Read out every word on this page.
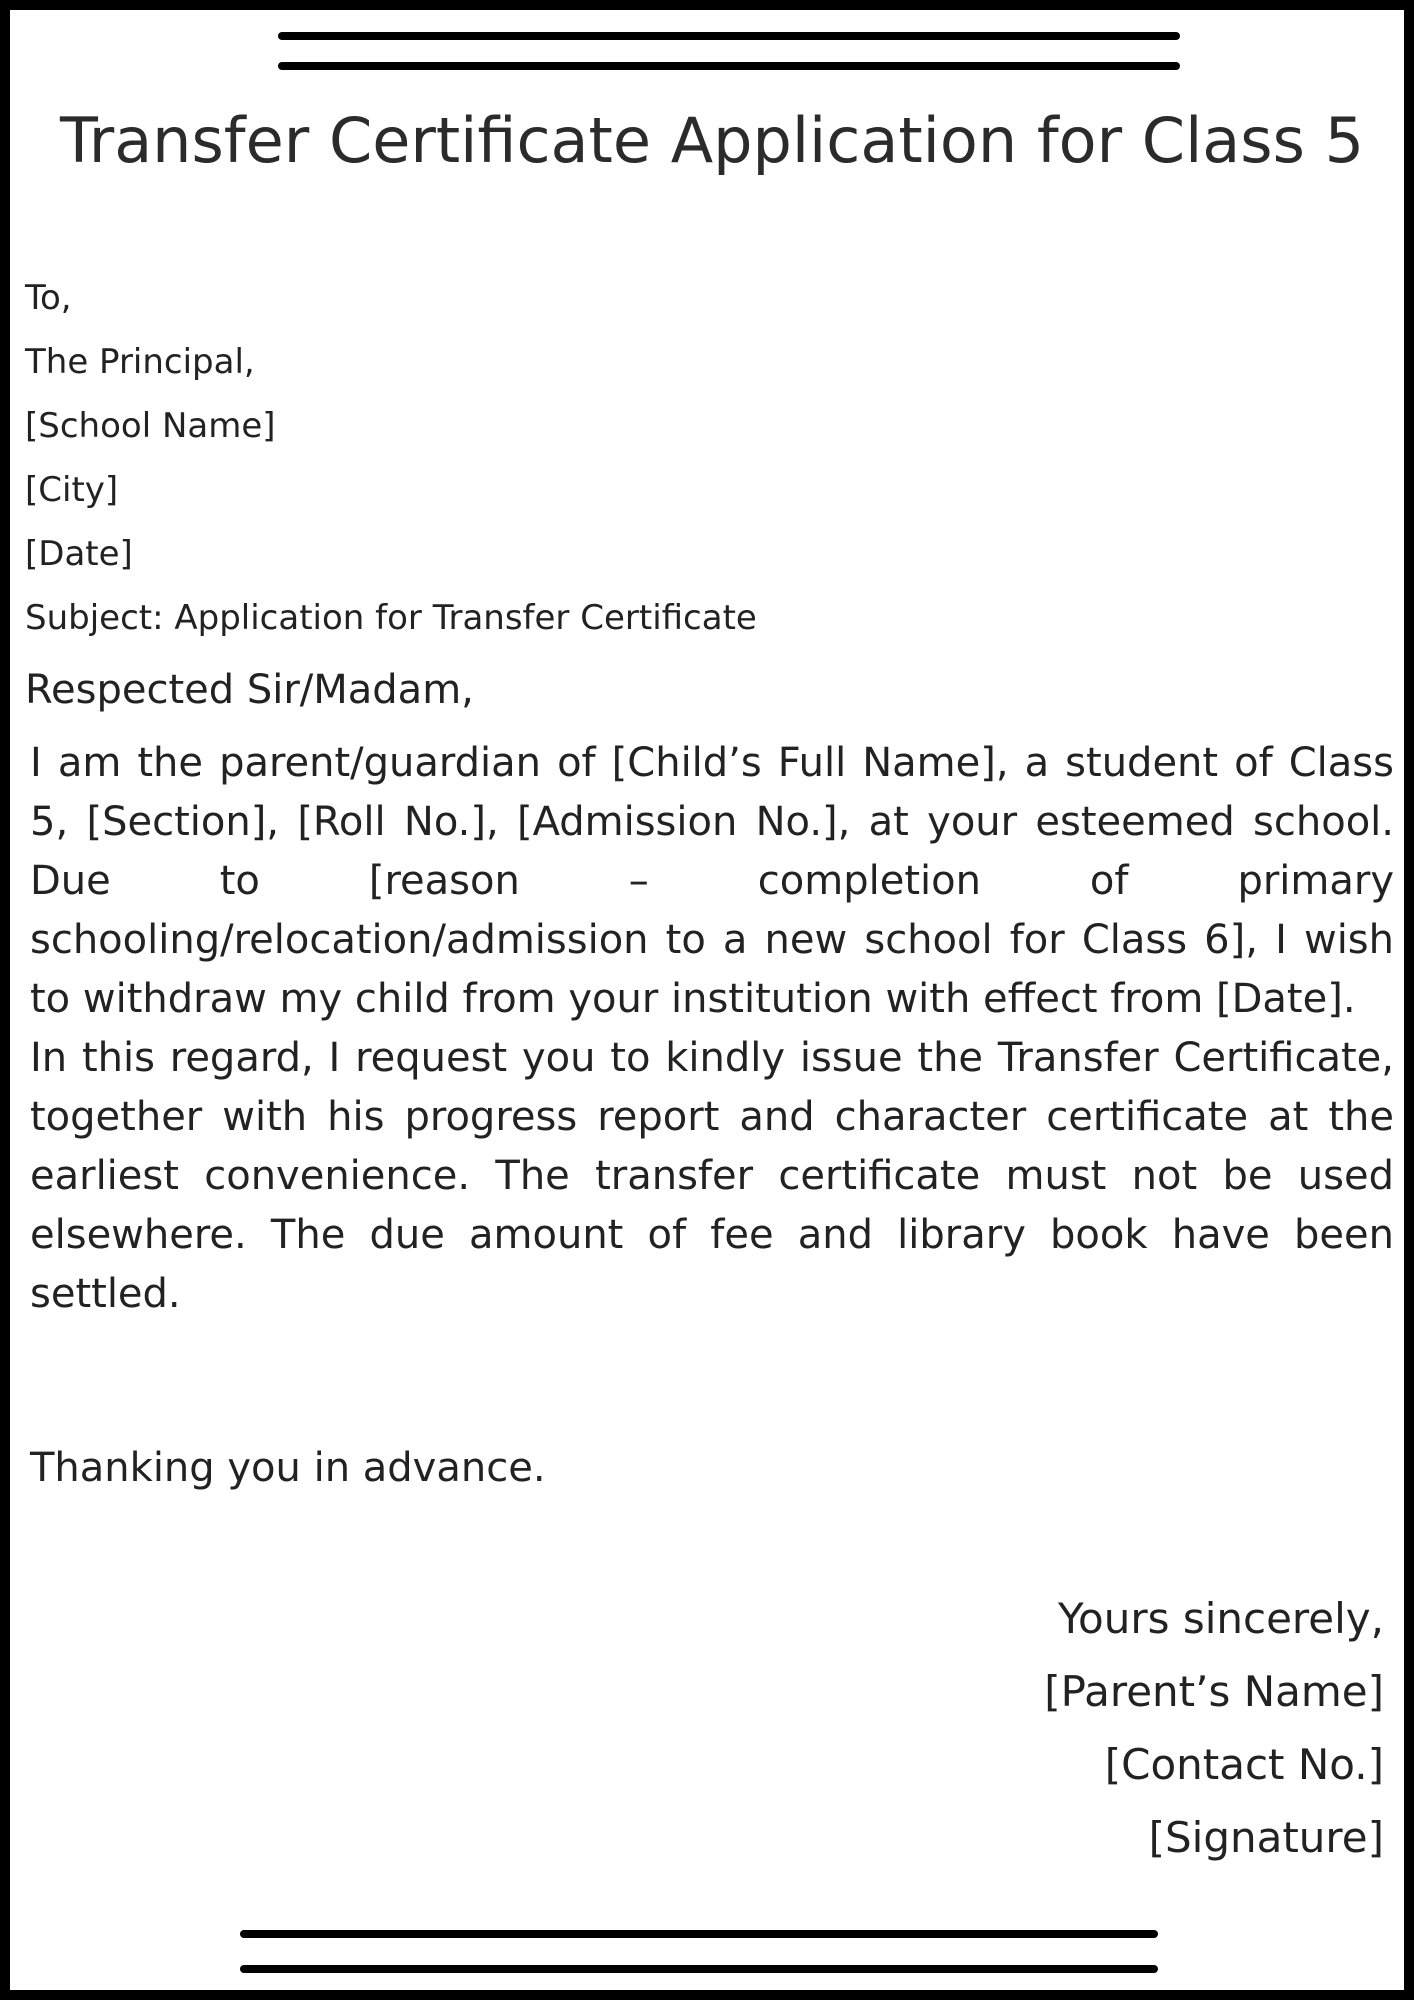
Transfer Certificate Application for Class 5
To,
The Principal,
[School Name]
[City]
[Date]
Subject: Application for Transfer Certificate
Respected Sir/Madam,

I am the parent/guardian of [Child’s Full Name], a student of Class 5, [Section], [Roll No.], [Admission No.], at your esteemed school. Due to [reason – completion of primary schooling/relocation/admission to a new school for Class 6], I wish to withdraw my child from your institution with effect from [Date].

In this regard, I request you to kindly issue the Transfer Certificate, together with his progress report and character certificate at the earliest convenience. The transfer certificate must not be used elsewhere. The due amount of fee and library book have been settled.

Thanking you in advance.
Yours sincerely,
[Parent’s Name]
[Contact No.]
[Signature]
